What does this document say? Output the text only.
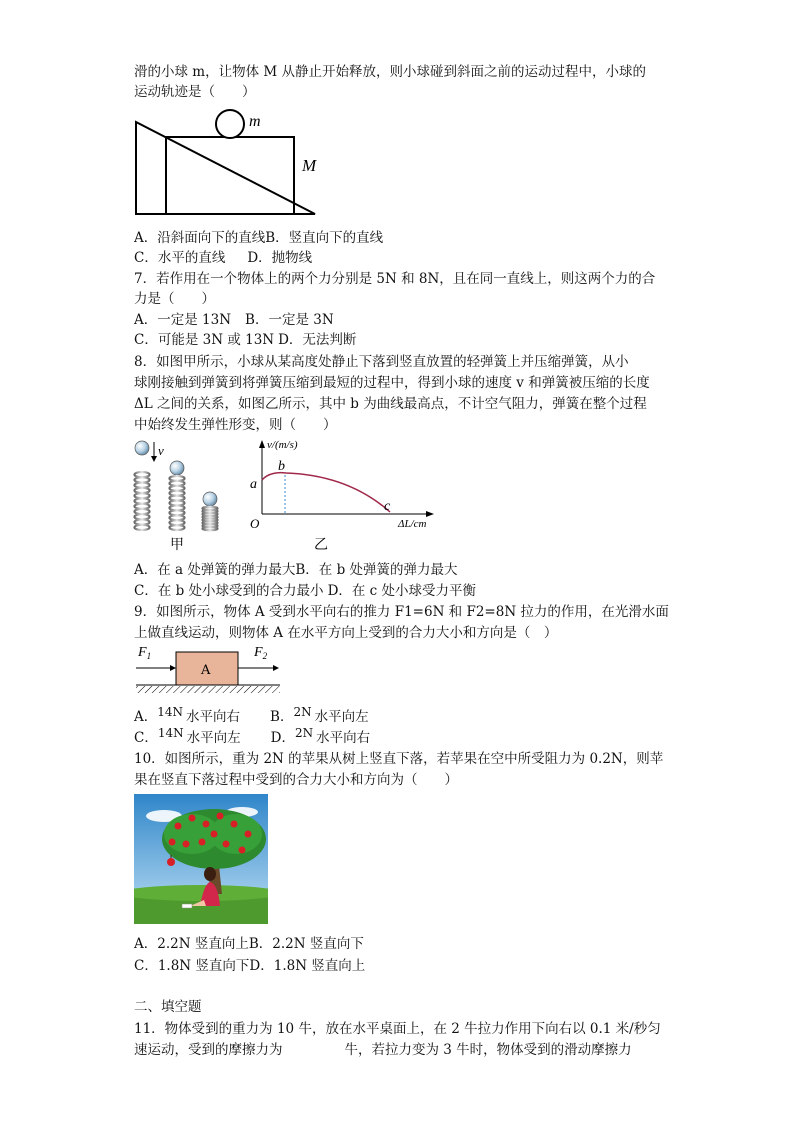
滑的小球 m，让物体 M 从静止开始释放，则小球碰到斜面之前的运动过程中，小球的
运动轨迹是（　　）
m
M
A．沿斜面向下的直线B．竖直向下的直线
C．水平的直线 D．抛物线
7．若作用在一个物体上的两个力分别是 5N 和 8N，且在同一直线上，则这两个力的合
力是（　　）
A．一定是 13N B．一定是 3N
C．可能是 3N 或 13N D．无法判断
8．如图甲所示，小球从某高度处静止下落到竖直放置的轻弹簧上并压缩弹簧，从小
球刚接触到弹簧到将弹簧压缩到最短的过程中，得到小球的速度 v 和弹簧被压缩的长度
ΔL 之间的关系，如图乙所示，其中 b 为曲线最高点，不计空气阻力，弹簧在整个过程
中始终发生弹性形变，则（　　）
v
甲
v/(m/s)
ΔL/cm
a
b
c
O
乙
A．在 a 处弹簧的弹力最大B．在 b 处弹簧的弹力最大
C．在 b 处小球受到的合力最小 D．在 c 处小球受力平衡
9．如图所示，物体 A 受到水平向右的推力 F1=6N 和 F2=8N 拉力的作用，在光滑水面
上做直线运动，则物体 A 在水平方向上受到的合力大小和方向是（　）
A
$F_1$	$F_2$
A．14N 水平向右 B．2N 水平向左
C．14N 水平向左 D．2N 水平向右
10．如图所示，重为 2N 的苹果从树上竖直下落，若苹果在空中所受阻力为 0.2N，则苹
果在竖直下落过程中受到的合力大小和方向为（　　）
A．2.2N 竖直向上B．2.2N 竖直向下
C．1.8N 竖直向下D．1.8N 竖直向上
二、填空题
11．物体受到的重力为 10 牛，放在水平桌面上，在 2 牛拉力作用下向右以 0.1 米/秒匀
速运动，受到的摩擦力为	牛，若拉力变为 3 牛时，物体受到的滑动摩擦力
